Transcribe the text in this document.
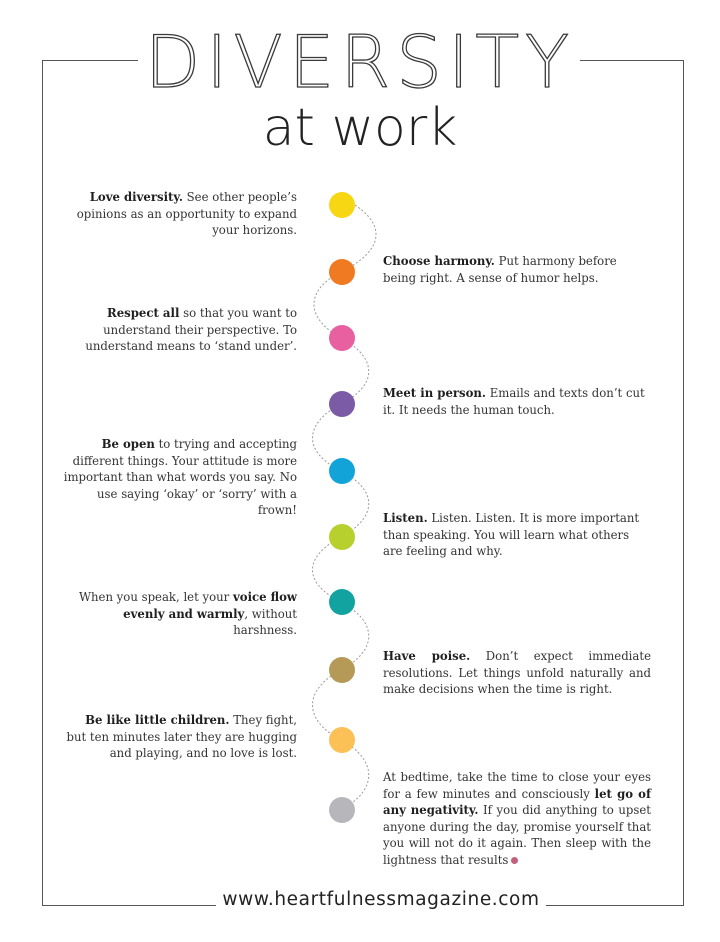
DIVERSITY
at work
Love diversity. See other people’s opinions as an opportunity to expand your horizons.
Choose harmony. Put harmony before being right. A sense of humor helps.
Respect all so that you want to understand their perspective. To understand means to ‘stand under’.
Meet in person. Emails and texts don’t cut it. It needs the human touch.
Be open to trying and accepting different things. Your attitude is more important than what words you say. No use saying ‘okay’ or ‘sorry’ with a frown!
Listen. Listen. Listen. It is more important than speaking. You will learn what others are feeling and why.
When you speak, let your voice flow evenly and warmly, without harshness.
Have poise. Don’t expect immediate resolutions. Let things unfold naturally and make decisions when the time is right.
Be like little children. They fight, but ten minutes later they are hugging and playing, and no love is lost.
At bedtime, take the time to close your eyes for a few minutes and consciously let go of any negativity. If you did anything to upset anyone during the day, promise yourself that you will not do it again. Then sleep with the lightness that results
www.heartfulnessmagazine.com
